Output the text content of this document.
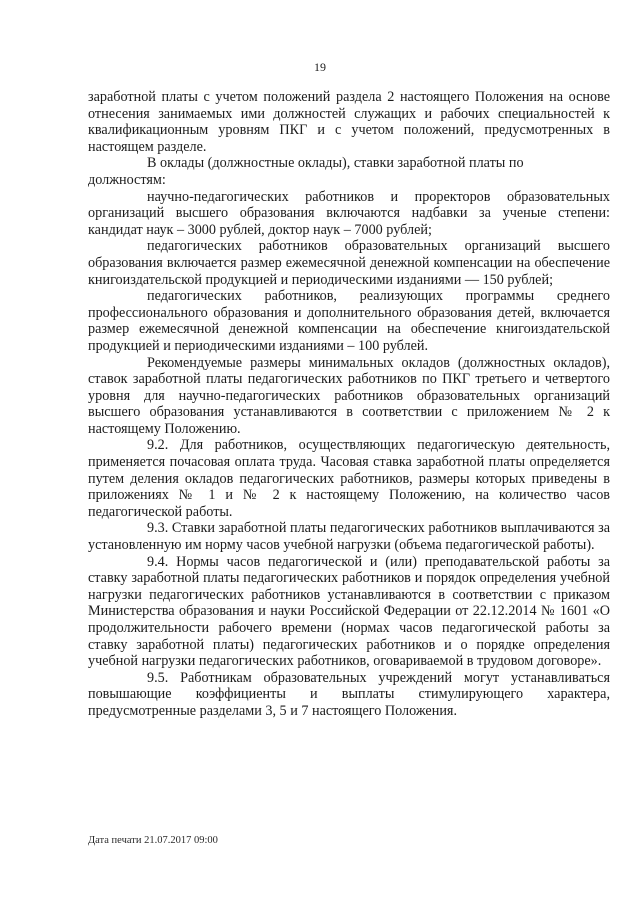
19

заработной платы с учетом положений раздела 2 настоящего Положения на основе отнесения занимаемых ими должностей служащих и рабочих специальностей к квалификационным уровням ПКГ и с учетом положений, предусмотренных в настоящем разделе.

В оклады (должностные оклады), ставки заработной платы по

должностям:

научно-педагогических работников и проректоров образовательных организаций высшего образования включаются надбавки за ученые степени: кандидат наук – 3000 рублей, доктор наук – 7000 рублей;

педагогических работников образовательных организаций высшего образования включается размер ежемесячной денежной компенсации на обеспечение книгоиздательской продукцией и периодическими изданиями — 150 рублей;

педагогических работников, реализующих программы среднего профессионального образования и дополнительного образования детей, включается размер ежемесячной денежной компенсации на обеспечение книгоиздательской продукцией и периодическими изданиями – 100 рублей.

Рекомендуемые размеры минимальных окладов (должностных окладов), ставок заработной платы педагогических работников по ПКГ третьего и четвертого уровня для научно-педагогических работников образовательных организаций высшего образования устанавливаются в соответствии с приложением № 2 к настоящему Положению.

9.2. Для работников, осуществляющих педагогическую деятельность, применяется почасовая оплата труда. Часовая ставка заработной платы определяется путем деления окладов педагогических работников, размеры которых приведены в приложениях № 1 и № 2 к настоящему Положению, на количество часов педагогической работы.

9.3. Ставки заработной платы педагогических работников выплачиваются за установленную им норму часов учебной нагрузки (объема педагогической работы).

9.4. Нормы часов педагогической и (или) преподавательской работы за ставку заработной платы педагогических работников и порядок определения учебной нагрузки педагогических работников устанавливаются в соответствии с приказом Министерства образования и науки Российской Федерации от 22.12.2014 № 1601 «О продолжительности рабочего времени (нормах часов педагогической работы за ставку заработной платы) педагогических работников и о порядке определения учебной нагрузки педагогических работников, оговариваемой в трудовом договоре».

9.5. Работникам образовательных учреждений могут устанавливаться повышающие коэффициенты и выплаты стимулирующего характера, предусмотренные разделами 3, 5 и 7 настоящего Положения.

Дата печати 21.07.2017 09:00
